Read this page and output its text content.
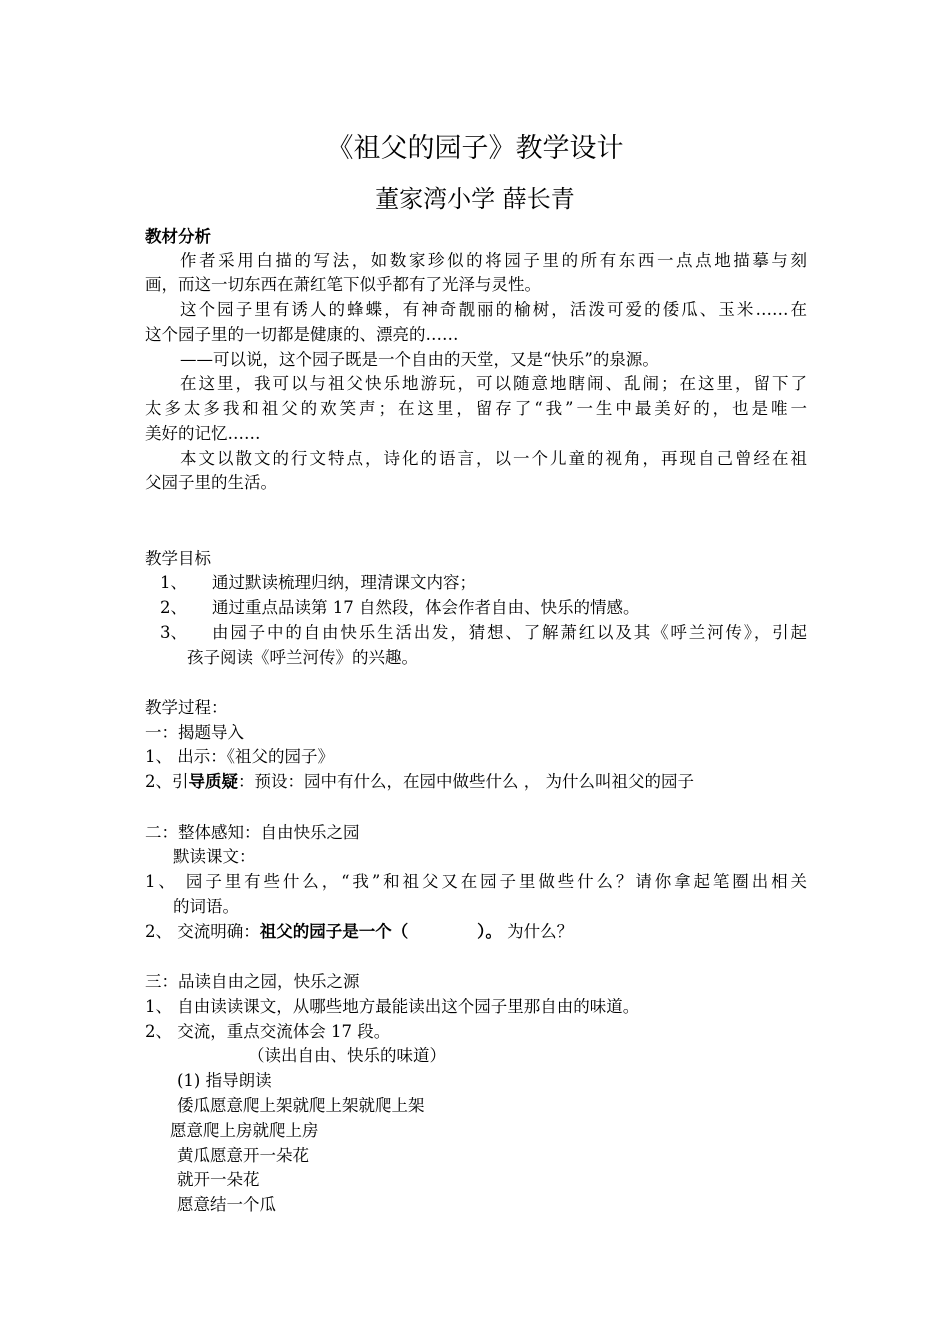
《祖父的园子》教学设计
董家湾小学 薛长青
教材分析
作者采用白描的写法，如数家珍似的将园子里的所有东西一点点地描摹与刻
画，而这一切东西在萧红笔下似乎都有了光泽与灵性。
这个园子里有诱人的蜂蝶，有神奇靓丽的榆树，活泼可爱的倭瓜、玉米……在
这个园子里的一切都是健康的、漂亮的……
——可以说，这个园子既是一个自由的天堂，又是“快乐”的泉源。
在这里，我可以与祖父快乐地游玩，可以随意地瞎闹、乱闹；在这里，留下了
太多太多我和祖父的欢笑声；在这里，留存了“我”一生中最美好的，也是唯一
美好的记忆……
本文以散文的行文特点，诗化的语言，以一个儿童的视角，再现自己曾经在祖
父园子里的生活。
教学目标
1、 通过默读梳理归纳，理清课文内容；
2、 通过重点品读第 17 自然段，体会作者自由、快乐的情感。
3、 由园子中的自由快乐生活出发，猜想、了解萧红以及其《呼兰河传》，引起
孩子阅读《呼兰河传》的兴趣。
教学过程：
一：揭题导入
1、 出示：《祖父的园子》
2、引导质疑：预设：园中有什么，在园中做些什么 ， 为什么叫祖父的园子
二：整体感知：自由快乐之园
默读课文：
1、 园子里有些什么，“我”和祖父又在园子里做些什么？请你拿起笔圈出相关
的词语。
2、 交流明确：祖父的园子是一个（            ）。 为什么？
三：品读自由之园，快乐之源
1、 自由读读课文，从哪些地方最能读出这个园子里那自由的味道。
2、 交流，重点交流体会 17 段。
（读出自由、快乐的味道）
(1) 指导朗读
倭瓜愿意爬上架就爬上架就爬上架
愿意爬上房就爬上房
黄瓜愿意开一朵花
就开一朵花
愿意结一个瓜
